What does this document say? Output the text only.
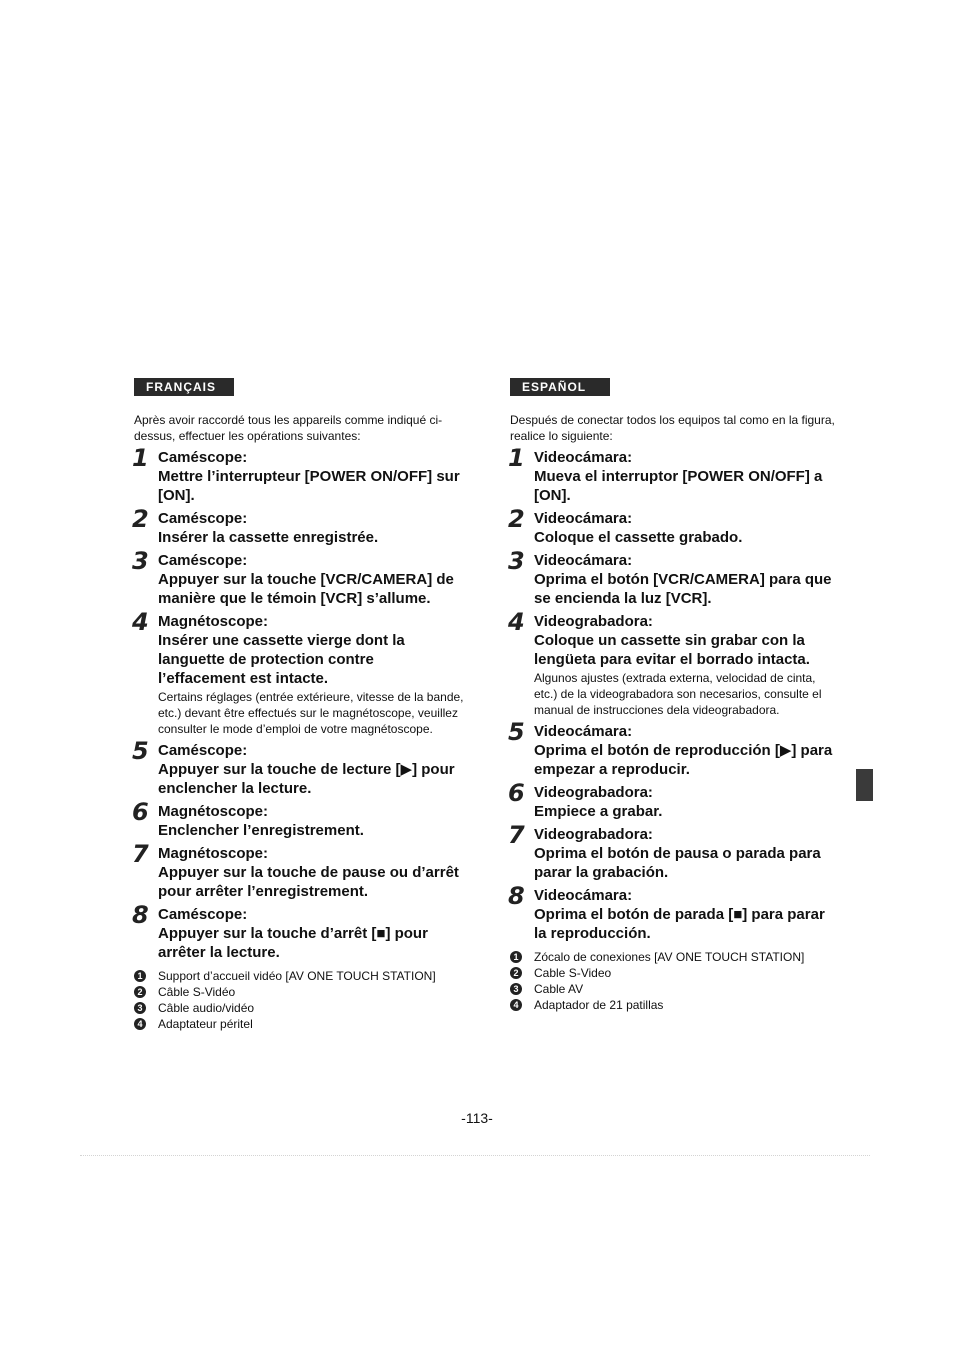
FRANÇAIS
Après avoir raccordé tous les appareils comme indiqué ci-dessus, effectuer les opérations suivantes:
1 Caméscope:
Mettre l’interrupteur [POWER ON/OFF] sur [ON].
2 Caméscope:
Insérer la cassette enregistrée.
3 Caméscope:
Appuyer sur la touche [VCR/CAMERA] de manière que le témoin [VCR] s’allume.
4 Magnétoscope:
Insérer une cassette vierge dont la languette de protection contre l’effacement est intacte.
Certains réglages (entrée extérieure, vitesse de la bande, etc.) devant être effectués sur le magnétoscope, veuillez consulter le mode d’emploi de votre magnétoscope.
5 Caméscope:
Appuyer sur la touche de lecture [▶] pour enclencher la lecture.
6 Magnétoscope:
Enclencher l’enregistrement.
7 Magnétoscope:
Appuyer sur la touche de pause ou d’arrêt pour arrêter l’enregistrement.
8 Caméscope:
Appuyer sur la touche d’arrêt [■] pour arrêter la lecture.
1 Support d’accueil vidéo [AV ONE TOUCH STATION]
2 Câble S-Vidéo
3 Câble audio/vidéo
4 Adaptateur péritel
ESPAÑOL
Después de conectar todos los equipos tal como en la figura, realice lo siguiente:
1 Videocámara:
Mueva el interruptor [POWER ON/OFF] a [ON].
2 Videocámara:
Coloque el cassette grabado.
3 Videocámara:
Oprima el botón [VCR/CAMERA] para que se encienda la luz [VCR].
4 Videograbadora:
Coloque un cassette sin grabar con la lengüeta para evitar el borrado intacta.
Algunos ajustes (extrada externa, velocidad de cinta, etc.) de la videograbadora son necesarios, consulte el manual de instrucciones dela videograbadora.
5 Videocámara:
Oprima el botón de reproducción [▶] para empezar a reproducir.
6 Videograbadora:
Empiece a grabar.
7 Videograbadora:
Oprima el botón de pausa o parada para parar la grabación.
8 Videocámara:
Oprima el botón de parada [■] para parar la reproducción.
1 Zócalo de conexiones [AV ONE TOUCH STATION]
2 Cable S-Video
3 Cable AV
4 Adaptador de 21 patillas
-113-
